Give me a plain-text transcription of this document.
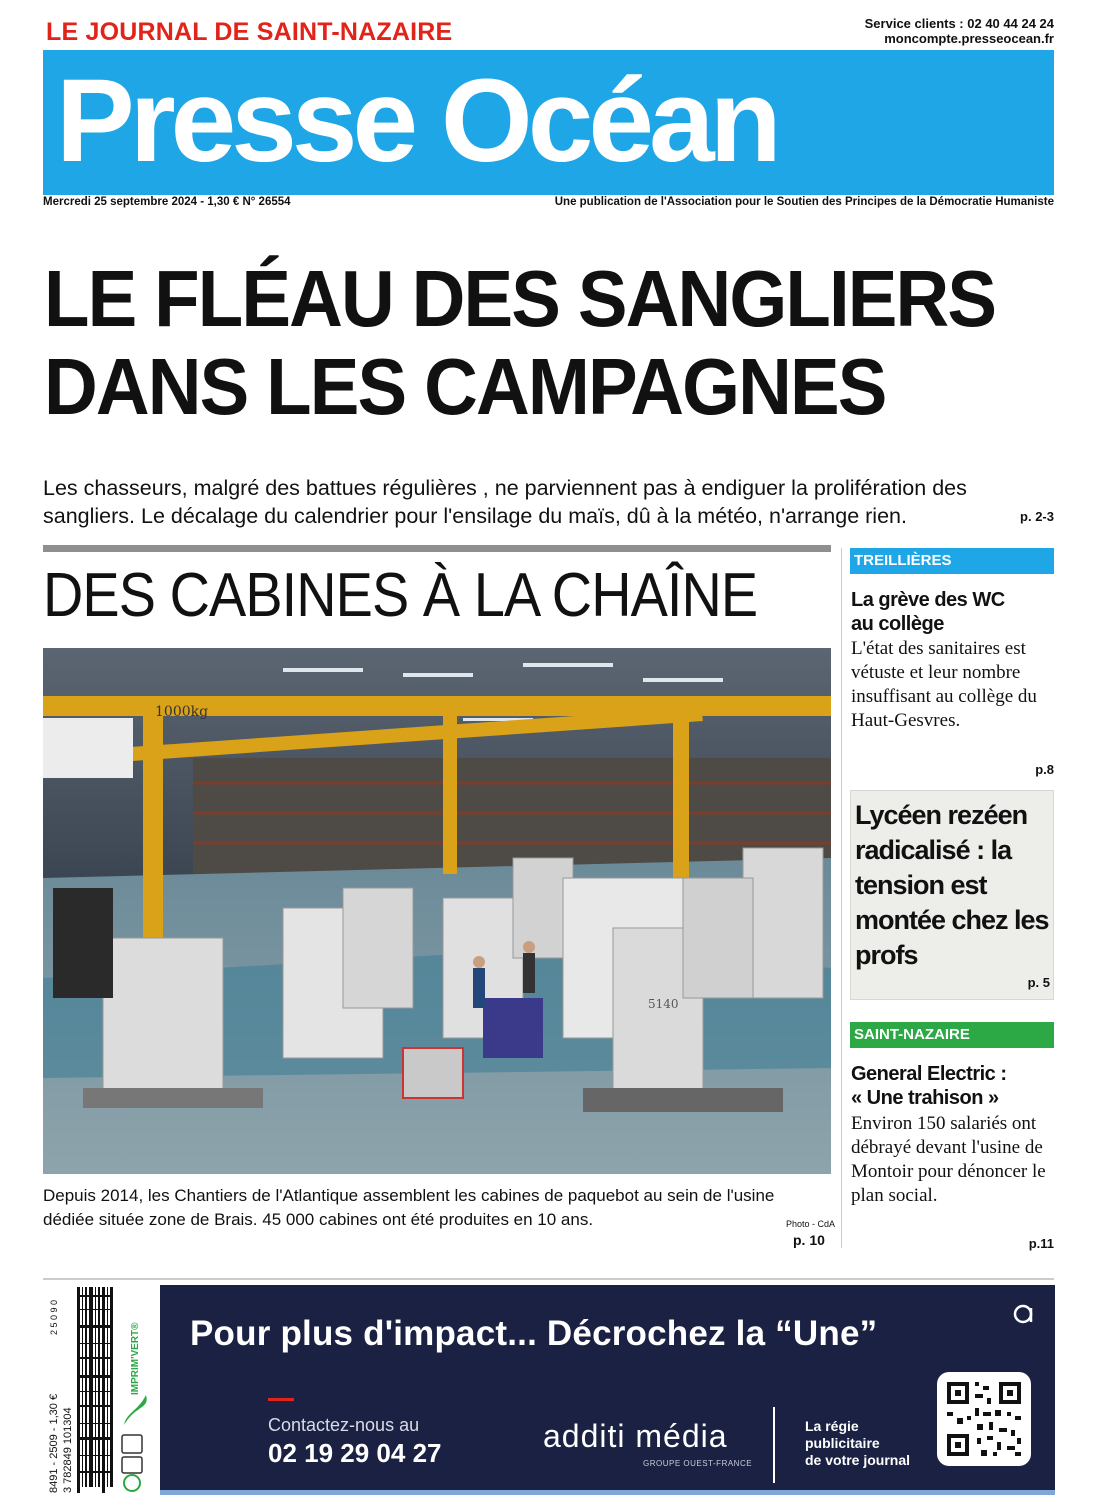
LE JOURNAL DE SAINT-NAZAIRE	Service clients : 02 40 44 24 24
moncompte.presseocean.fr
Presse Océan
Mercredi 25 septembre 2024 - 1,30 € N° 26554	Une publication de l'Association pour le Soutien des Principes de la Démocratie Humaniste
LE FLÉAU DES SANGLIERS
DANS LES CAMPAGNES
Les chasseurs, malgré des battues régulières , ne parviennent pas à endiguer la prolifération des sangliers. Le décalage du calendrier pour l'ensilage du maïs, dû à la météo, n'arrange rien.	p. 2-3
DES CABINES À LA CHAÎNE
1000kg
5140
Depuis 2014, les Chantiers de l'Atlantique assemblent les cabines de paquebot au sein de l'usine dédiée située zone de Brais. 45 000 cabines ont été produites en 10 ans.	Photo - CdA
p. 10
TREILLIÈRES
La grève des WC
au collège
L'état des sanitaires est vétuste et leur nombre insuffisant au collège du Haut-Gesvres.
p.8
Lycéen rezéen radicalisé : la tension est montée chez les profs
p. 5
SAINT-NAZAIRE
General Electric :
« Une trahison »
Environ 150 salariés ont débrayé devant l'usine de Montoir pour dénoncer le plan social.
p.11
8491 - 2509 - 1,30 € 3 782849 101304
2 5 0 9 0
IMPRIM'VERT® Pour plus d'impact... Décrochez la “Une”
Contactez-nous au
02 19 29 04 27	additi média
GROUPE OUEST-FRANCE
La régie
publicitaire
de votre journal
